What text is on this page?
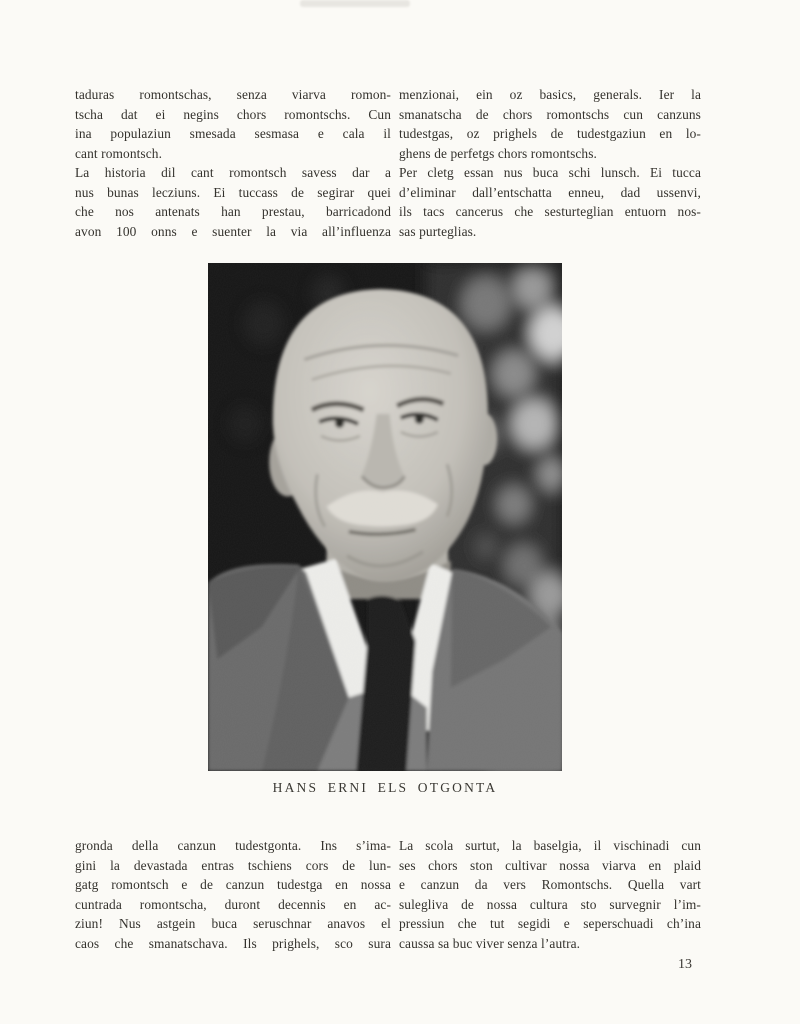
taduras romontschas, senza viarva romon-
tscha dat ei negins chors romontschs. Cun
ina populaziun smesada sesmasa e cala il
cant romontsch.
La historia dil cant romontsch savess dar a
nus bunas lecziuns. Ei tuccass de segirar quei
che nos antenats han prestau, barricadond
avon 100 onns e suenter la via all’influenza
menzionai, ein oz basics, generals. Ier la
smanatscha de chors romontschs cun canzuns
tudestgas, oz prighels de tudestgaziun en lo-
ghens de perfetgs chors romontschs.
Per cletg essan nus buca schi lunsch. Ei tucca
d’eliminar dall’entschatta enneu, dad ussenvi,
ils tacs cancerus che sesturteglian entuorn nos-
sas purteglias.
HANS ERNI ELS OTGONTA
gronda della canzun tudestgonta. Ins s’ima-
gini la devastada entras tschiens cors de lun-
gatg romontsch e de canzun tudestga en nossa
cuntrada romontscha, duront decennis en ac-
ziun! Nus astgein buca seruschnar anavos el
caos che smanatschava. Ils prighels, sco sura
La scola surtut, la baselgia, il vischinadi cun
ses chors ston cultivar nossa viarva en plaid
e canzun da vers Romontschs. Quella vart
sulegliva de nossa cultura sto survegnir l’im-
pressiun che tut segidi e seperschuadi ch’ina
caussa sa buc viver senza l’autra.
13
